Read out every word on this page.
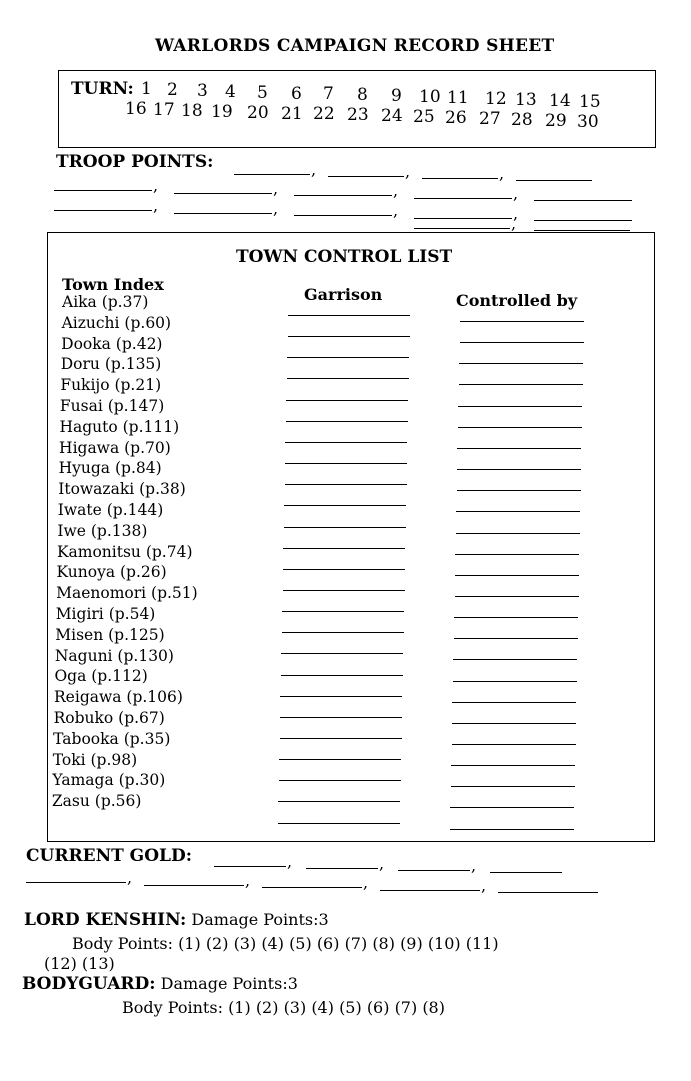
WARLORDS CAMPAIGN RECORD SHEET
TURN: 1 2 3 4 5 6 7 8 9 10 11 12 13 14 15
16 17 18 19 20 21 22 23 24 25 26 27 28 29 30
TROOP POINTS:	,	,	,
,	,	,	,
,	,	,	,
,
TOWN CONTROL LIST
Town Index
Garrison	Controlled by
Aika (p.37)
Aizuchi (p.60)
Dooka (p.42)
Doru (p.135)
Fukijo (p.21)
Fusai (p.147)
Haguto (p.111)
Higawa (p.70)
Hyuga (p.84)
Itowazaki (p.38)
Iwate (p.144)
Iwe (p.138)
Kamonitsu (p.74)
Kunoya (p.26)
Maenomori (p.51)
Migiri (p.54)
Misen (p.125)
Naguni (p.130)
Oga (p.112)
Reigawa (p.106)
Robuko (p.67)
Tabooka (p.35)
Toki (p.98)
Yamaga (p.30)
Zasu (p.56)
CURRENT GOLD:	,	,	,
,	,	,	,
LORD KENSHIN: Damage Points:3
Body Points: (1) (2) (3) (4) (5) (6) (7) (8) (9) (10) (11)
(12) (13)
BODYGUARD: Damage Points:3
Body Points: (1) (2) (3) (4) (5) (6) (7) (8)
